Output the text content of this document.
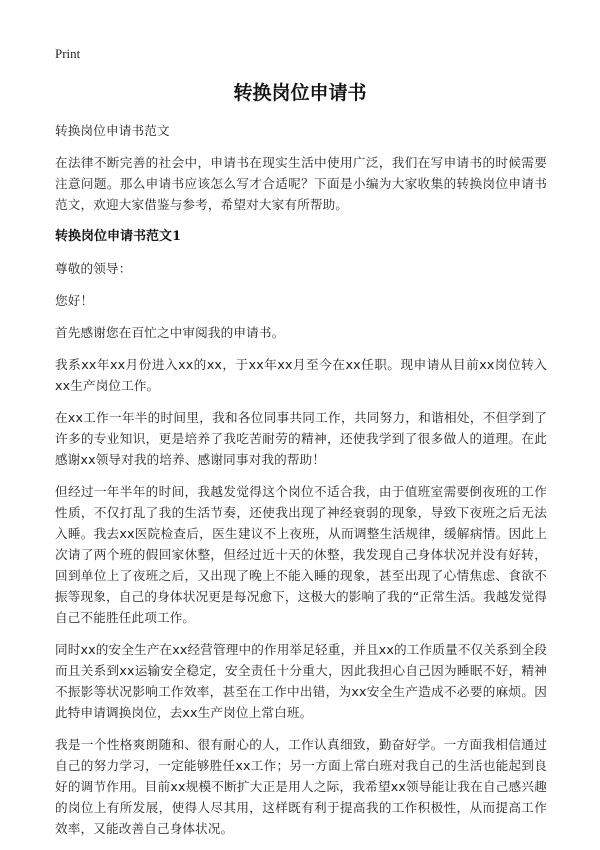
Print
转换岗位申请书

转换岗位申请书范文

在法律不断完善的社会中，申请书在现实生活中使用广泛，我们在写申请书的时候需要注意问题。那么申请书应该怎么写才合适呢？下面是小编为大家收集的转换岗位申请书范文，欢迎大家借鉴与参考，希望对大家有所帮助。

转换岗位申请书范文1

尊敬的领导：

您好！

首先感谢您在百忙之中审阅我的申请书。

我系xx年xx月份进入xx的xx，于xx年xx月至今在xx任职。现申请从目前xx岗位转入xx生产岗位工作。

在xx工作一年半的时间里，我和各位同事共同工作，共同努力，和谐相处，不但学到了许多的专业知识，更是培养了我吃苦耐劳的精神，还使我学到了很多做人的道理。在此感谢xx领导对我的培养、感谢同事对我的帮助！

但经过一年半年的时间，我越发觉得这个岗位不适合我，由于值班室需要倒夜班的工作性质，不仅打乱了我的生活节奏，还使我出现了神经衰弱的现象，导致下夜班之后无法入睡。我去xx医院检查后，医生建议不上夜班，从而调整生活规律，缓解病情。因此上次请了两个班的假回家休整，但经过近十天的休整，我发现自己身体状况并没有好转，回到单位上了夜班之后，又出现了晚上不能入睡的现象，甚至出现了心情焦虑、食欲不振等现象，自己的身体状况更是每况愈下，这极大的影响了我的“正常生活。我越发觉得自己不能胜任此项工作。

同时xx的安全生产在xx经营管理中的作用举足轻重，并且xx的工作质量不仅关系到全段而且关系到xx运输安全稳定，安全责任十分重大，因此我担心自己因为睡眠不好，精神不振影等状况影响工作效率，甚至在工作中出错，为xx安全生产造成不必要的麻烦。因此特申请调换岗位，去xx生产岗位上常白班。

我是一个性格爽朗随和、很有耐心的人，工作认真细致，勤奋好学。一方面我相信通过自己的努力学习，一定能够胜任xx工作；另一方面上常白班对我自己的生活也能起到良好的调节作用。目前xx规模不断扩大正是用人之际，我希望xx领导能让我在自己感兴趣的岗位上有所发展，使得人尽其用，这样既有利于提高我的工作积极性，从而提高工作效率，又能改善自己身体状况。
